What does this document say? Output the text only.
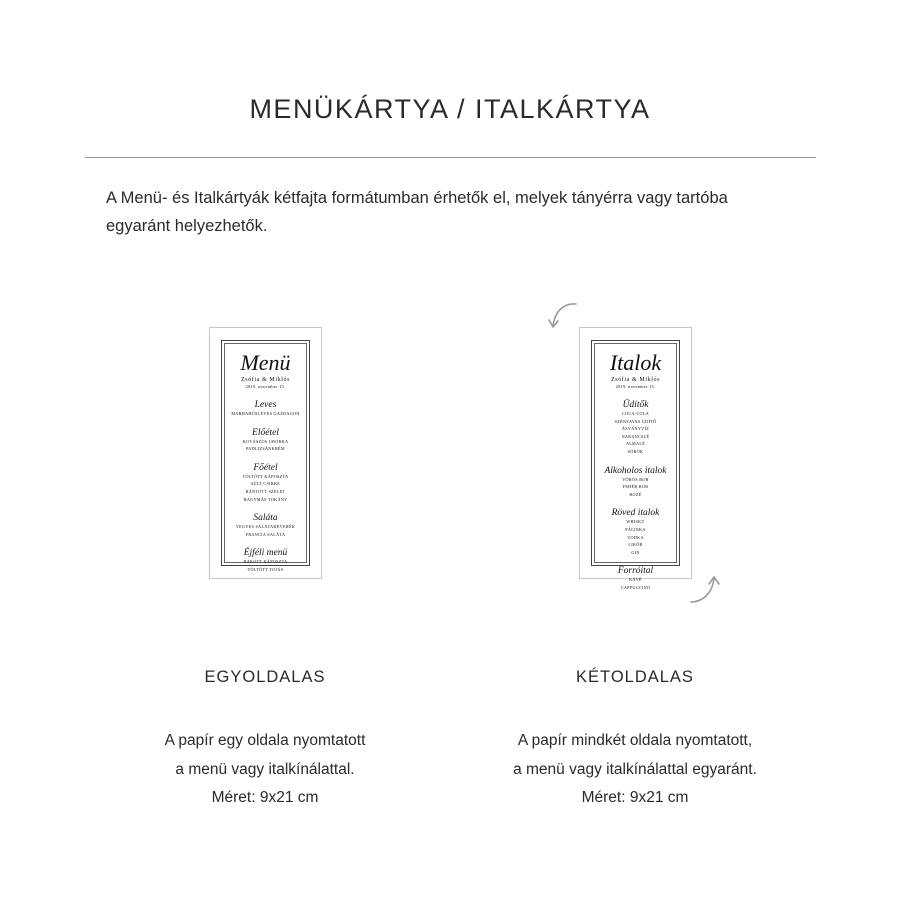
MENÜKÁRTYA / ITALKÁRTYA
A Menü- és Italkártyák kétfajta formátumban érhetők el, melyek tányérra vagy tartóba
egyaránt helyezhetők.
Menü
Zsófia & Miklós
2019. november 15.
Leves
MARHAHÚSLEVES GAZDAGON
Előétel
KOVÁSZOS UBORKA
PADLIZSÁNKRÉM
Főétel
TÖLTÖTT KÁPOSZTA
SÜLT CSIRKE
RÁNTOTT SZELET
HAGYMÁS TOKÁNY
Saláta
VEGYES SALÁTAKEVERÉK
FRANCIA SALÁTA
Éjféli menü
RAKOTT KÁPOSZTA
TÖLTÖTT TOJÁS
Italok
Zsófia & Miklós
2019. november 15.
Üdítők
COCA-COLA
SZÉNSAVAS ÜDÍTŐ
ÁSVÁNYVÍZ
NARANCSLÉ
ALMALÉ
SÖRÖK
Alkoholos italok
VÖRÖS BOR
FEHÉR BOR
ROZÉ
Röved italok
WHISKY
PÁLINKA
VODKA
LIKŐR
GIN
Forróital
KÁVÉ
CAPPUCCINO
EGYOLDALAS
A papír egy oldala nyomtatott
a menü vagy italkínálattal.
Méret: 9x21 cm
KÉTOLDALAS
A papír mindkét oldala nyomtatott,
a menü vagy italkínálattal egyaránt.
Méret: 9x21 cm
